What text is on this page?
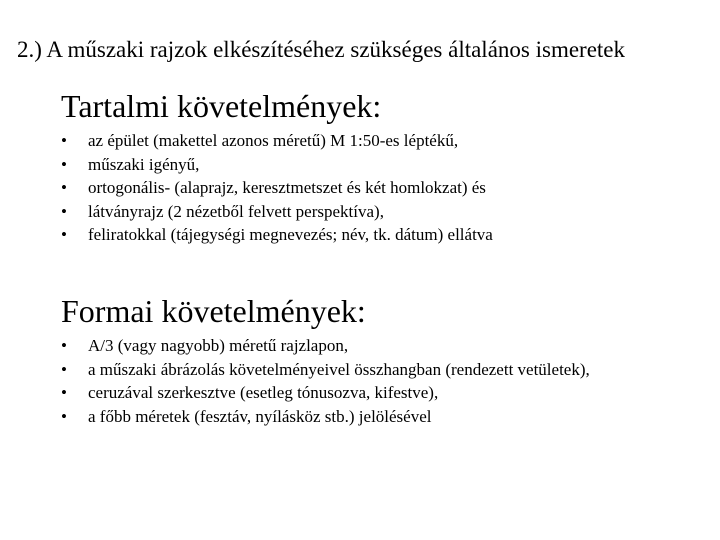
2.) A műszaki rajzok elkészítéséhez szükséges általános ismeretek
Tartalmi követelmények:
• az épület (makettel azonos méretű) M 1:50-es léptékű,
• műszaki igényű,
• ortogonális- (alaprajz, keresztmetszet és két homlokzat) és
• látványrajz (2 nézetből felvett perspektíva),
• feliratokkal (tájegységi megnevezés; név, tk. dátum) ellátva
Formai követelmények:
• A/3 (vagy nagyobb) méretű rajzlapon,
• a műszaki ábrázolás követelményeivel összhangban (rendezett vetületek),
• ceruzával szerkesztve (esetleg tónusozva, kifestve),
• a főbb méretek (fesztáv, nyílásköz stb.) jelölésével
